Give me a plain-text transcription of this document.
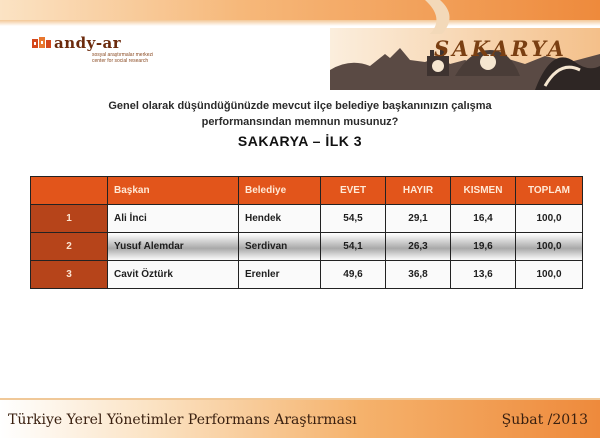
andy-ar
sosyal araştırmalar merkezi
center for social research	SAKARYA
Genel olarak düşündüğünüzde mevcut ilçe belediye başkanınızın çalışma
performansından memnun musunuz?
SAKARYA – İLK 3
	Başkan	Belediye	EVET	HAYIR	KISMEN	TOPLAM
1	Ali İnci	Hendek	54,5	29,1	16,4	100,0
2	Yusuf Alemdar	Serdivan	54,1	26,3	19,6	100,0
3	Cavit Öztürk	Erenler	49,6	36,8	13,6	100,0
Türkiye Yerel Yönetimler Performans Araştırması	Şubat /2013
